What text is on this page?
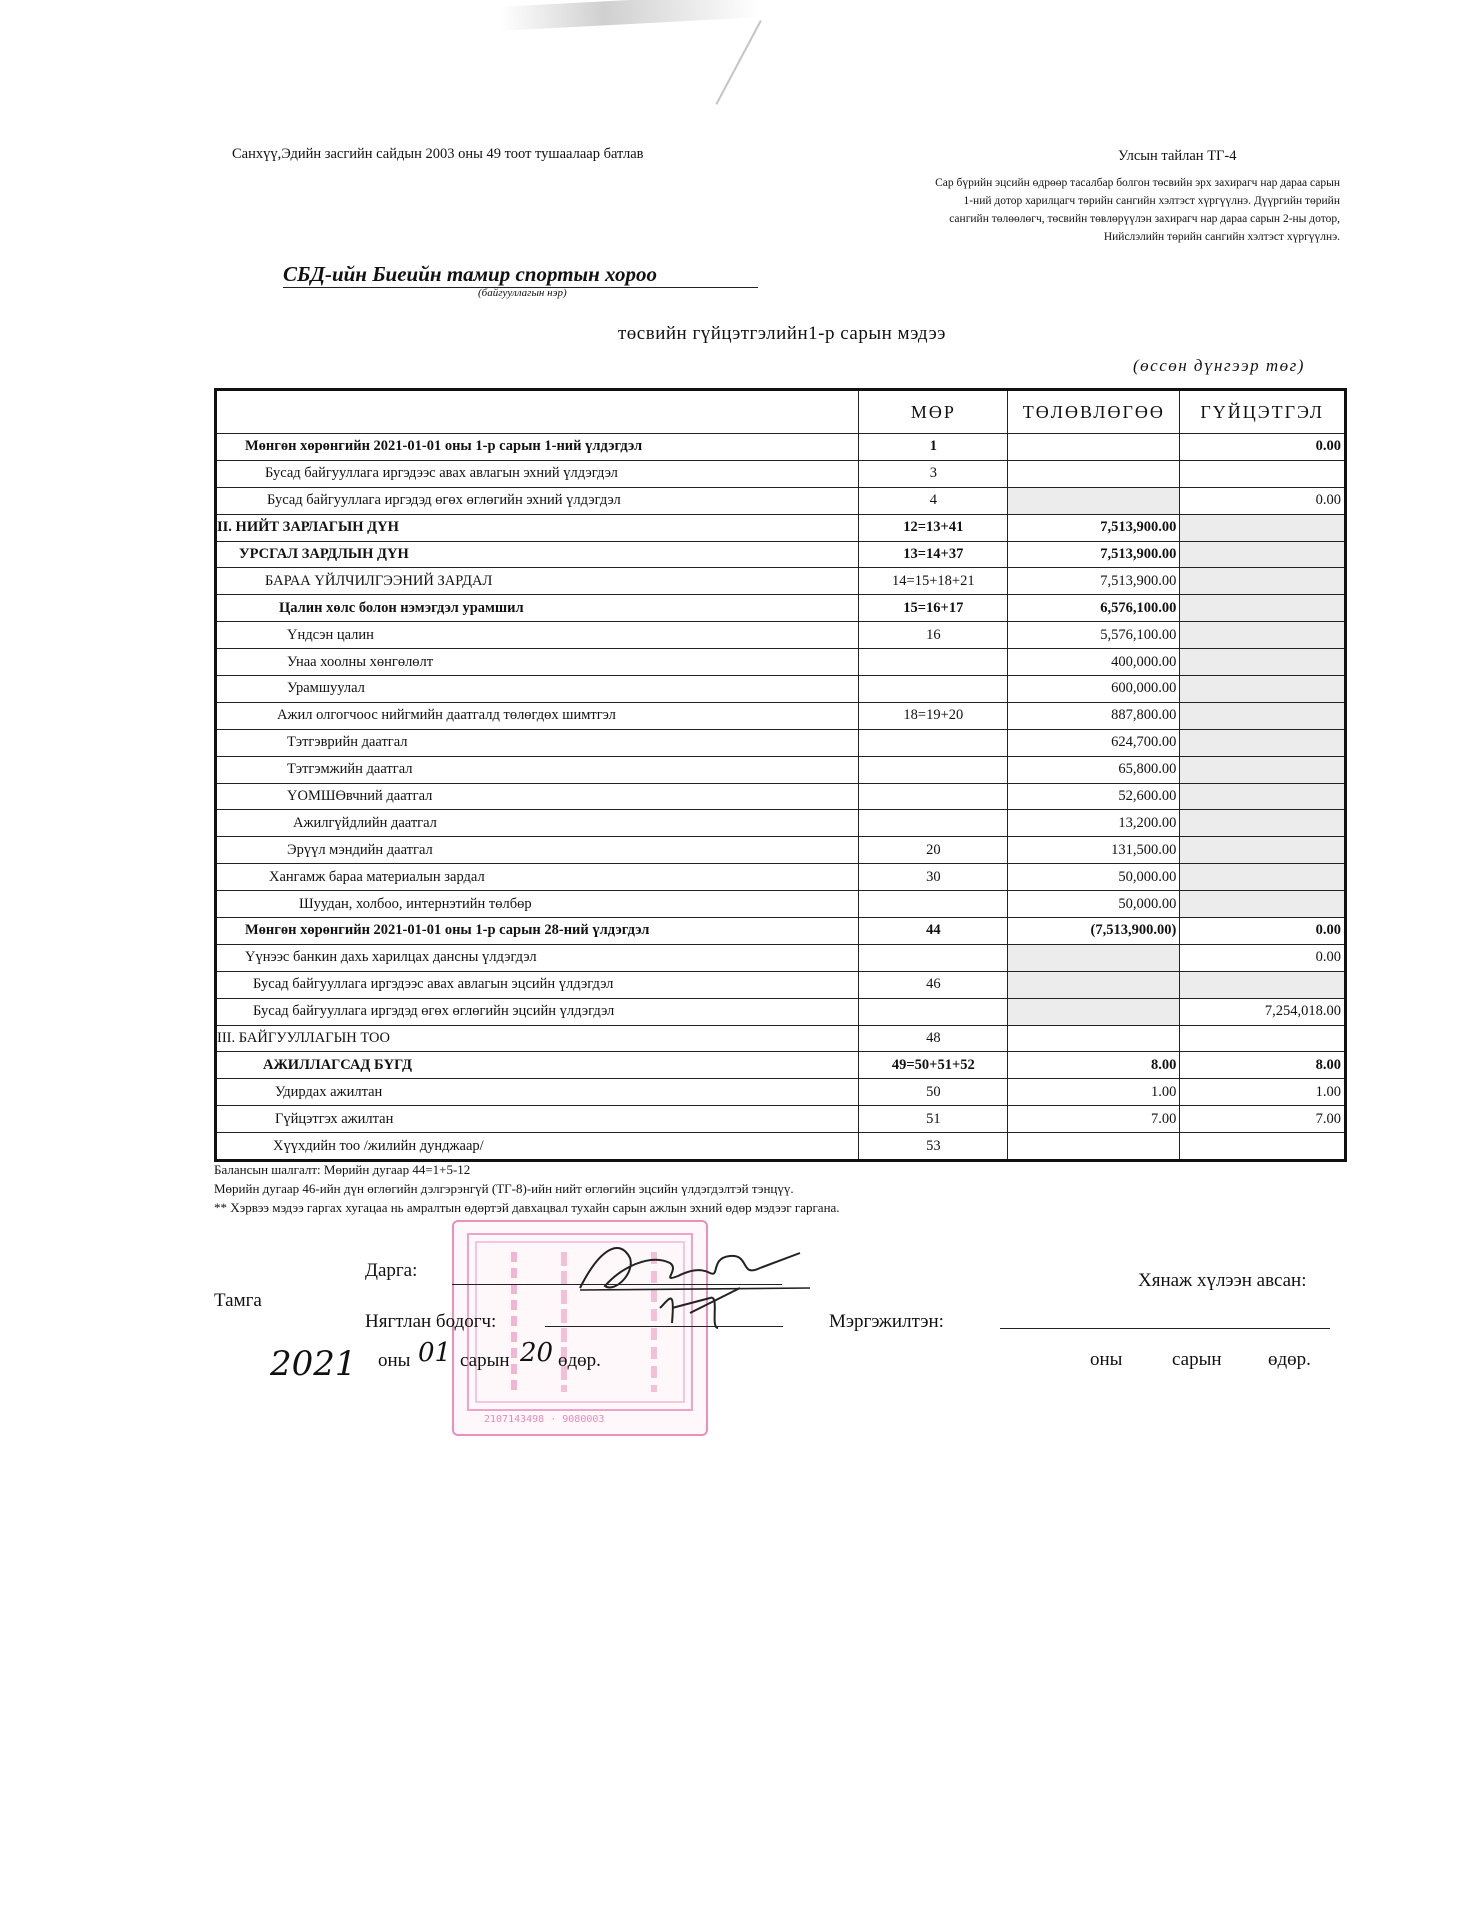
Санхүү,Эдийн засгийн сайдын 2003 оны 49 тоот тушаалаар батлав	Улсын тайлан ТГ-4
Сар бүрийн эцсийн өдрөөр тасалбар болгон төсвийн эрх захирагч нар дараа сарын
1-ний дотор харилцагч төрийн сангийн хэлтэст хүргүүлнэ. Дүүргийн төрийн
сангийн төлөөлөгч, төсвийн төвлөрүүлэн захирагч нар дараа сарын 2-ны дотор,
Нийслэлийн төрийн сангийн хэлтэст хүргүүлнэ.
СБД-ийн Биеийн тамир спортын хороо
(байгууллагын нэр)
төсвийн гүйцэтгэлийн1-р сарын мэдээ
(өссөн дүнгээр төг)
	МӨР	ТӨЛӨВЛӨГӨӨ	ГҮЙЦЭТГЭЛ
Мөнгөн хөрөнгийн 2021-01-01 оны 1-р сарын 1-ний үлдэгдэл	1		0.00
Бусад байгууллага иргэдээс авах авлагын эхний үлдэгдэл	3		
Бусад байгууллага иргэдэд өгөх өглөгийн эхний үлдэгдэл	4		0.00
II. НИЙТ ЗАРЛАГЫН ДҮН	12=13+41	7,513,900.00	
УРСГАЛ ЗАРДЛЫН ДҮН	13=14+37	7,513,900.00	
БАРАА ҮЙЛЧИЛГЭЭНИЙ ЗАРДАЛ	14=15+18+21	7,513,900.00	
Цалин хөлс болон нэмэгдэл урамшил	15=16+17	6,576,100.00	
Үндсэн цалин	16	5,576,100.00	
Унаа хоолны хөнгөлөлт		400,000.00	
Урамшуулал		600,000.00	
Ажил олгогчоос нийгмийн даатгалд төлөгдөх шимтгэл	18=19+20	887,800.00	
Тэтгэврийн даатгал		624,700.00	
Тэтгэмжийн даатгал		65,800.00	
ҮОМШӨвчний даатгал		52,600.00	
Ажилгүйдлийн даатгал		13,200.00	
Эрүүл мэндийн даатгал	20	131,500.00	
Хангамж бараа материалын зардал	30	50,000.00	
Шуудан, холбоо, интернэтийн төлбөр		50,000.00	
Мөнгөн хөрөнгийн 2021-01-01 оны 1-р сарын 28-ний үлдэгдэл	44	(7,513,900.00)	0.00
Үүнээс банкин дахь харилцах дансны үлдэгдэл			0.00
Бусад байгууллага иргэдээс авах авлагын эцсийн үлдэгдэл	46		
Бусад байгууллага иргэдэд өгөх өглөгийн эцсийн үлдэгдэл			7,254,018.00
III. БАЙГУУЛЛАГЫН ТОО	48		
АЖИЛЛАГСАД БҮГД	49=50+51+52	8.00	8.00
Удирдах ажилтан	50	1.00	1.00
Гүйцэтгэх ажилтан	51	7.00	7.00
Хүүхдийн тоо /жилийн дунджаар/	53		
Балансын шалгалт: Мөрийн дугаар 44=1+5-12
Мөрийн дугаар 46-ийн дүн өглөгийн дэлгэрэнгүй (ТГ-8)-ийн нийт өглөгийн эцсийн үлдэгдэлтэй тэнцүү.
** Хэрвээ мэдээ гаргах хугацаа нь амралтын өдөртэй давхацвал тухайн сарын ажлын эхний өдөр мэдээг гаргана.
2107143498 · 9080003
Тамга
Дарга:
Нягтлан бодогч:
2021 оны 01 сарын 20 өдөр.
Хянаж хүлээн авсан:
Мэргэжилтэн:
оны	сарын өдөр.
